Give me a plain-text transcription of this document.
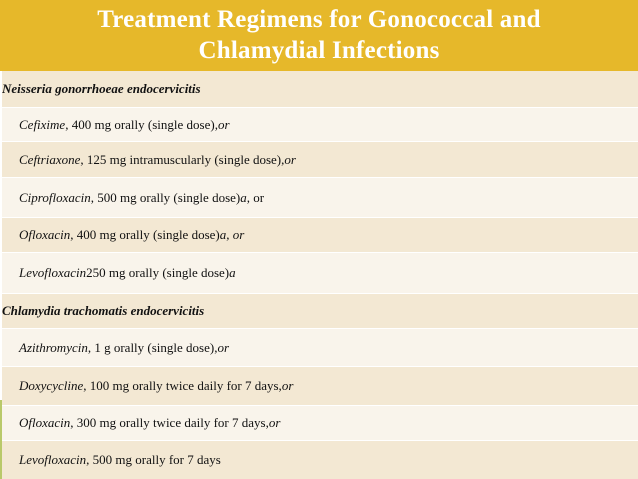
Treatment Regimens for Gonococcal and
Chlamydial Infections
Neisseria gonorrhoeae endocervicitis
Cefixime , 400 mg orally (single dose), or
Ceftriaxone , 125 mg intramuscularly (single dose), or
Ciprofloxacin , 500 mg orally (single dose) a , or
Ofloxacin , 400 mg orally (single dose) a , or
Levofloxacin 250 mg orally (single dose) a
Chlamydia trachomatis endocervicitis
Azithromycin , 1 g orally (single dose), or
Doxycycline , 100 mg orally twice daily for 7 days, or
Ofloxacin , 300 mg orally twice daily for 7 days, or
Levofloxacin , 500 mg orally for 7 days
